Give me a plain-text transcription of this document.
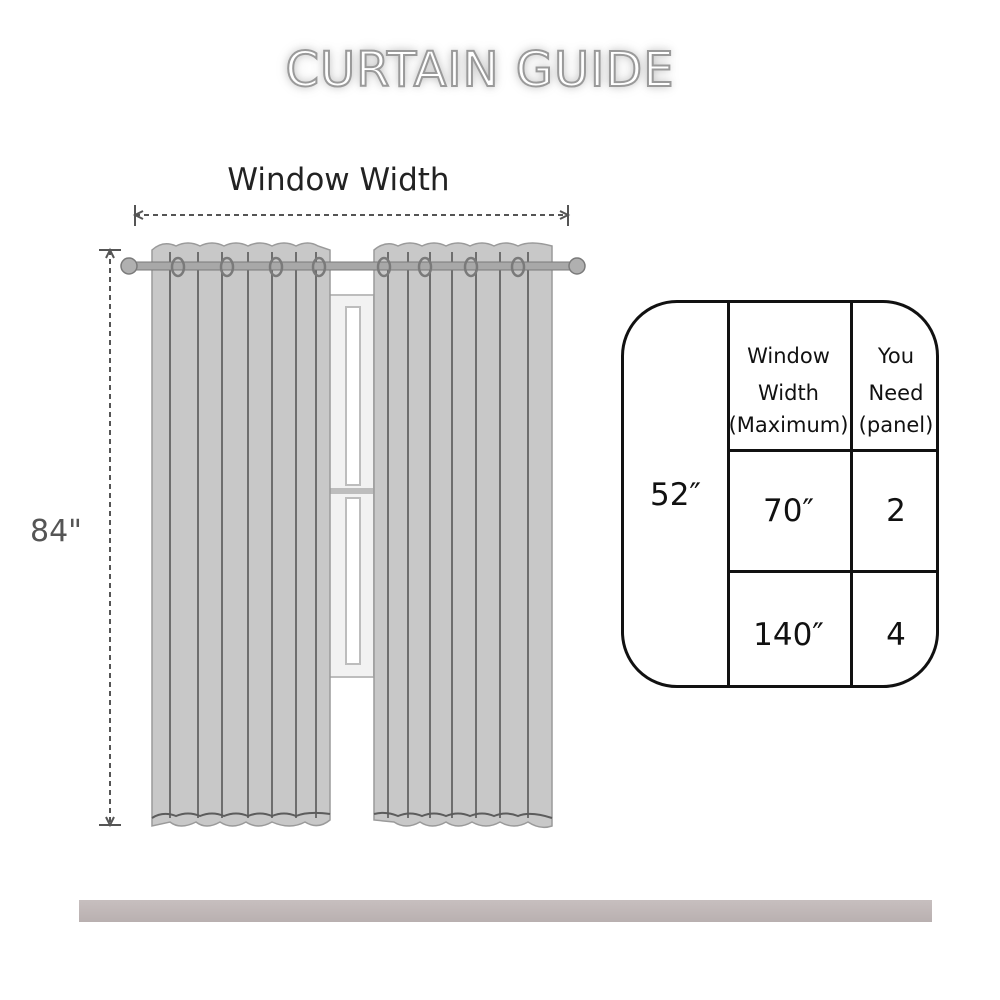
CURTAIN GUIDE
Window Width
84"
52″
Window
Width
(Maximum)
You
Need
(panel)
70″	2
140″	4
